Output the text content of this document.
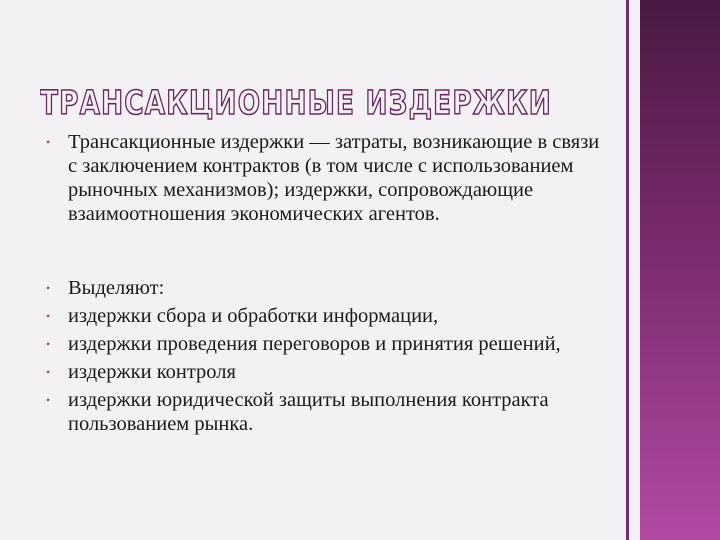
ТРАНСАКЦИОННЫЕ ИЗДЕРЖКИ
• Трансакционные издержки — затраты, возникающие в связи с заключением контрактов (в том числе с использованием рыночных механизмов); издержки, сопровождающие взаимоотношения экономических агентов.
• Выделяют:
• издержки сбора и обработки информации,
• издержки проведения переговоров и принятия решений,
• издержки контроля
• издержки юридической защиты выполнения контракта пользованием рынка.
